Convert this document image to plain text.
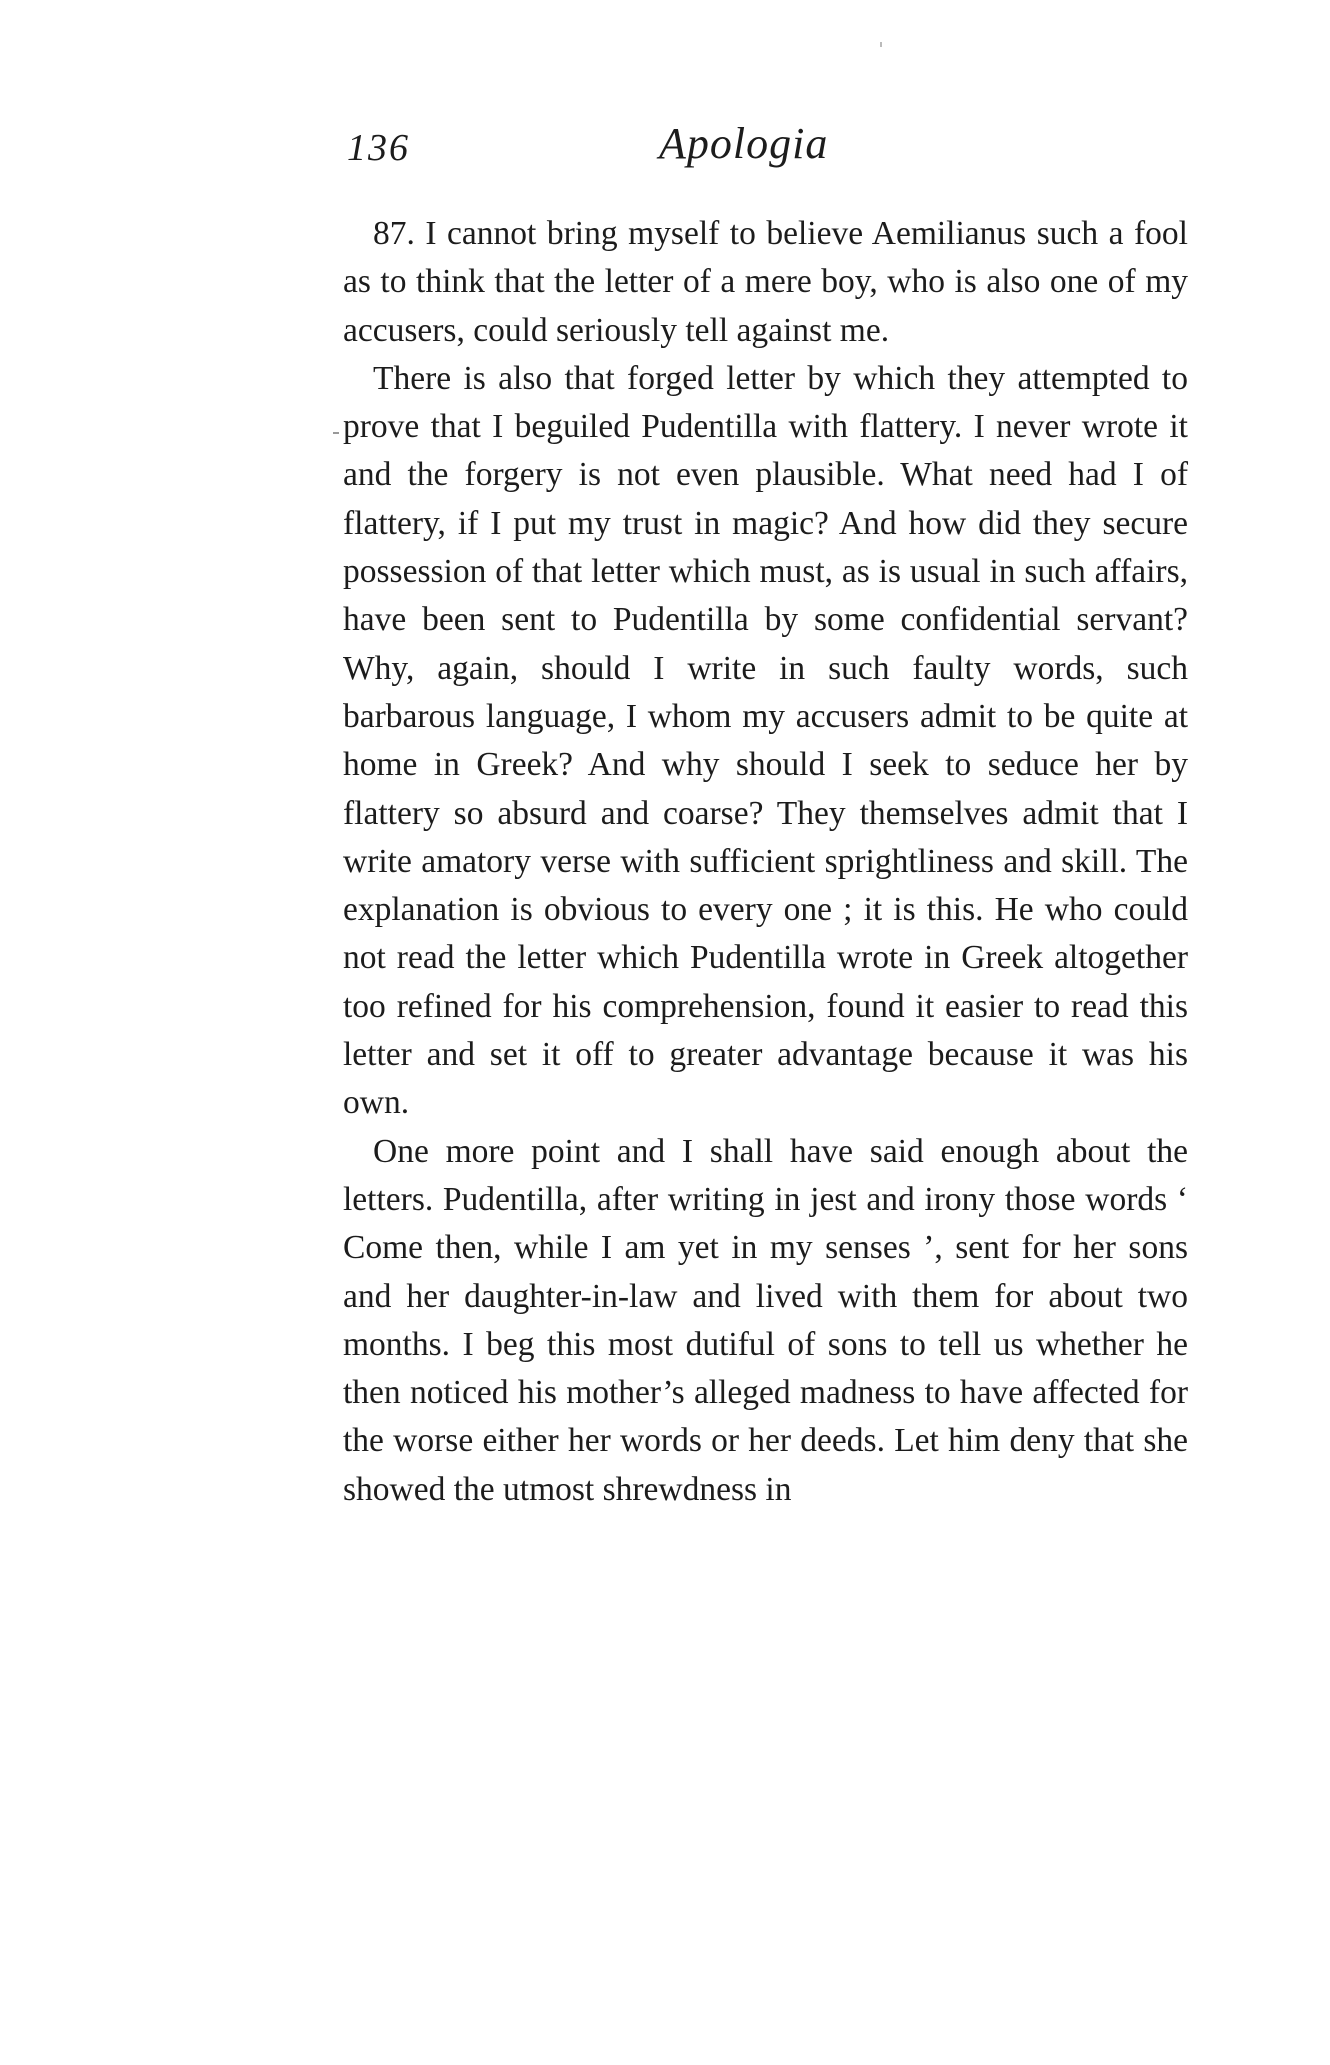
136	Apologia

87. I cannot bring myself to believe Aemilianus such a fool as to think that the letter of a mere boy, who is also one of my accusers, could seriously tell against me.

There is also that forged letter by which they attempted to prove that I beguiled Pudentilla with flattery. I never wrote it and the forgery is not even plausible. What need had I of flattery, if I put my trust in magic? And how did they secure possession of that letter which must, as is usual in such affairs, have been sent to Pudentilla by some confidential servant? Why, again, should I write in such faulty words, such barbarous language, I whom my accusers admit to be quite at home in Greek? And why should I seek to seduce her by flattery so absurd and coarse? They themselves admit that I write amatory verse with sufficient sprightliness and skill. The explanation is obvious to every one ; it is this. He who could not read the letter which Pudentilla wrote in Greek altogether too refined for his comprehension, found it easier to read this letter and set it off to greater advantage because it was his own.

One more point and I shall have said enough about the letters. Pudentilla, after writing in jest and irony those words ‘ Come then, while I am yet in my senses ’, sent for her sons and her daughter-in-law and lived with them for about two months. I beg this most dutiful of sons to tell us whether he then noticed his mother’s alleged madness to have affected for the worse either her words or her deeds. Let him deny that she showed the utmost shrewdness in
